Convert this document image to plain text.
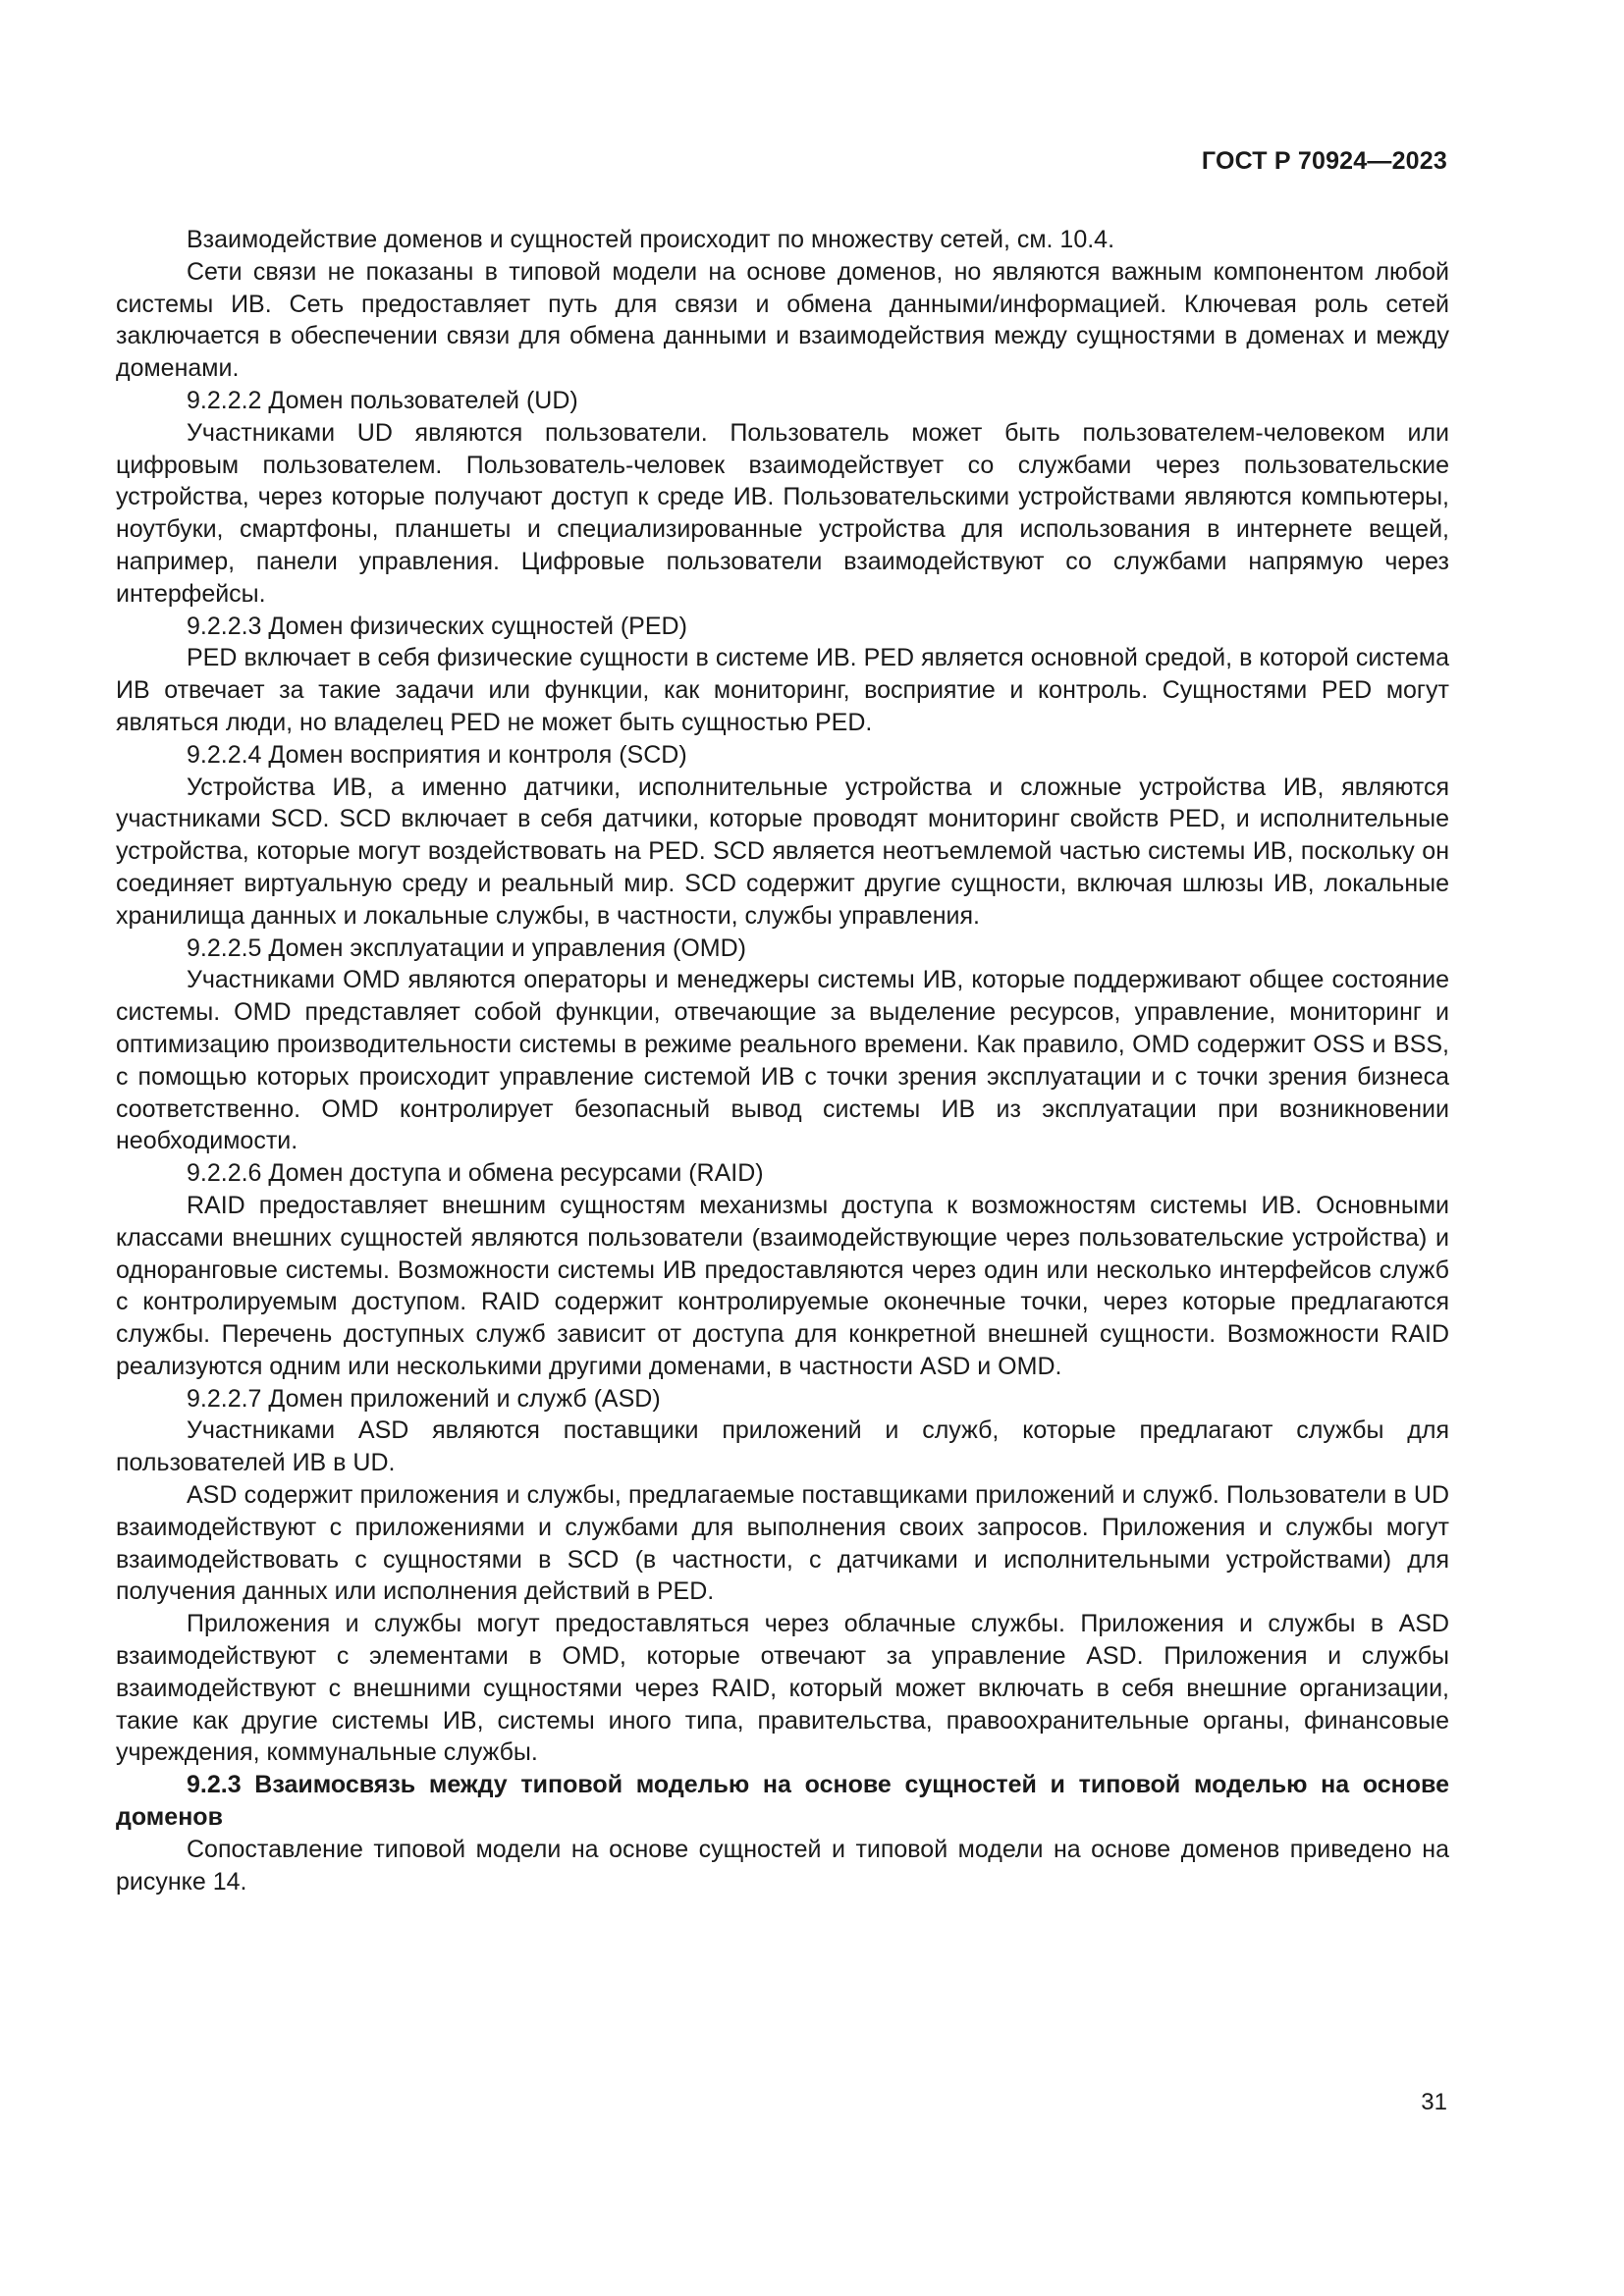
ГОСТ Р 70924—2023

Взаимодействие доменов и сущностей происходит по множеству сетей, см. 10.4.

Сети связи не показаны в типовой модели на основе доменов, но являются важным компонентом любой системы ИВ. Сеть предоставляет путь для связи и обмена данными/информацией. Ключевая роль сетей заключается в обеспечении связи для обмена данными и взаимодействия между сущностями в доменах и между доменами.

9.2.2.2 Домен пользователей (UD)

Участниками UD являются пользователи. Пользователь может быть пользователем-человеком или цифровым пользователем. Пользователь-человек взаимодействует со службами через пользовательские устройства, через которые получают доступ к среде ИВ. Пользовательскими устройствами являются компьютеры, ноутбуки, смартфоны, планшеты и специализированные устройства для использования в интернете вещей, например, панели управления. Цифровые пользователи взаимодействуют со службами напрямую через интерфейсы.

9.2.2.3 Домен физических сущностей (PED)

PED включает в себя физические сущности в системе ИВ. PED является основной средой, в которой система ИВ отвечает за такие задачи или функции, как мониторинг, восприятие и контроль. Сущностями PED могут являться люди, но владелец PED не может быть сущностью PED.

9.2.2.4 Домен восприятия и контроля (SCD)

Устройства ИВ, а именно датчики, исполнительные устройства и сложные устройства ИВ, являются участниками SCD. SCD включает в себя датчики, которые проводят мониторинг свойств PED, и исполнительные устройства, которые могут воздействовать на PED. SCD является неотъемлемой частью системы ИВ, поскольку он соединяет виртуальную среду и реальный мир. SCD содержит другие сущности, включая шлюзы ИВ, локальные хранилища данных и локальные службы, в частности, службы управления.

9.2.2.5 Домен эксплуатации и управления (OMD)

Участниками OMD являются операторы и менеджеры системы ИВ, которые поддерживают общее состояние системы. OMD представляет собой функции, отвечающие за выделение ресурсов, управление, мониторинг и оптимизацию производительности системы в режиме реального времени. Как правило, OMD содержит OSS и BSS, с помощью которых происходит управление системой ИВ с точки зрения эксплуатации и с точки зрения бизнеса соответственно. OMD контролирует безопасный вывод системы ИВ из эксплуатации при возникновении необходимости.

9.2.2.6 Домен доступа и обмена ресурсами (RAID)

RAID предоставляет внешним сущностям механизмы доступа к возможностям системы ИВ. Основными классами внешних сущностей являются пользователи (взаимодействующие через пользовательские устройства) и одноранговые системы. Возможности системы ИВ предоставляются через один или несколько интерфейсов служб с контролируемым доступом. RAID содержит контролируемые оконечные точки, через которые предлагаются службы. Перечень доступных служб зависит от доступа для конкретной внешней сущности. Возможности RAID реализуются одним или несколькими другими доменами, в частности ASD и OMD.

9.2.2.7 Домен приложений и служб (ASD)

Участниками ASD являются поставщики приложений и служб, которые предлагают службы для пользователей ИВ в UD.

ASD содержит приложения и службы, предлагаемые поставщиками приложений и служб. Пользователи в UD взаимодействуют с приложениями и службами для выполнения своих запросов. Приложения и службы могут взаимодействовать с сущностями в SCD (в частности, с датчиками и исполнительными устройствами) для получения данных или исполнения действий в PED.

Приложения и службы могут предоставляться через облачные службы. Приложения и службы в ASD взаимодействуют с элементами в OMD, которые отвечают за управление ASD. Приложения и службы взаимодействуют с внешними сущностями через RAID, который может включать в себя внешние организации, такие как другие системы ИВ, системы иного типа, правительства, правоохранительные органы, финансовые учреждения, коммунальные службы.

9.2.3 Взаимосвязь между типовой моделью на основе сущностей и типовой моделью на основе доменов

Сопоставление типовой модели на основе сущностей и типовой модели на основе доменов приведено на рисунке 14.

31
